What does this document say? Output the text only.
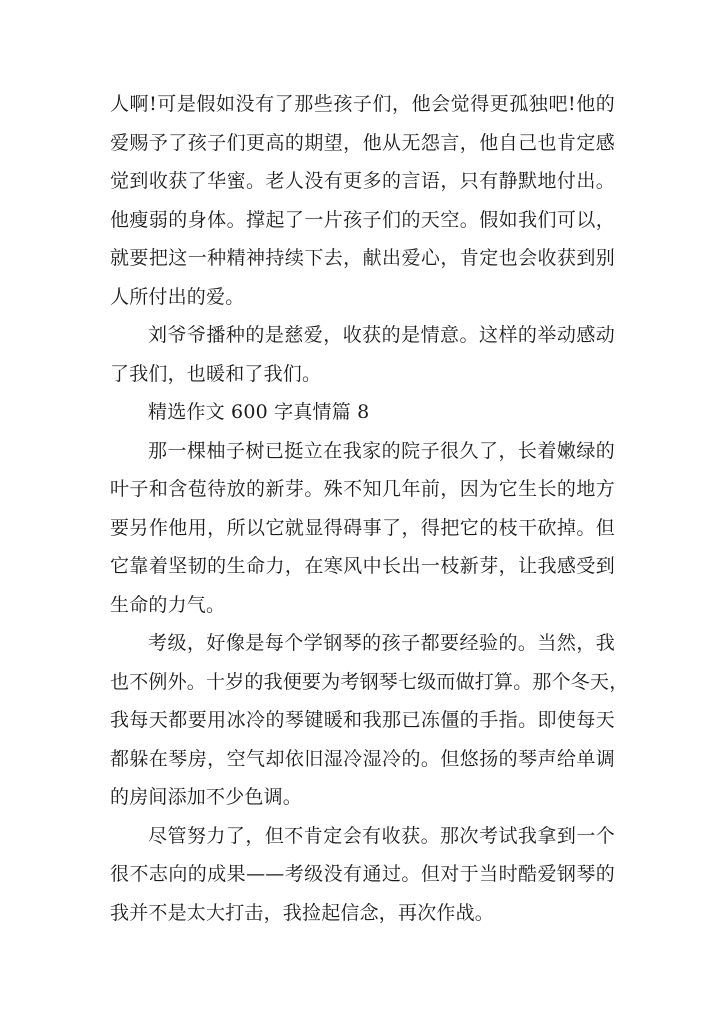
人啊!可是假如没有了那些孩子们，他会觉得更孤独吧!他的
爱赐予了孩子们更高的期望，他从无怨言，他自己也肯定感
觉到收获了华蜜。老人没有更多的言语，只有静默地付出。
他瘦弱的身体。撑起了一片孩子们的天空。假如我们可以，
就要把这一种精神持续下去，献出爱心，肯定也会收获到别
人所付出的爱。
刘爷爷播种的是慈爱，收获的是情意。这样的举动感动
了我们，也暖和了我们。
精选作文 600 字真情篇 8
那一棵柚子树已挺立在我家的院子很久了，长着嫩绿的
叶子和含苞待放的新芽。殊不知几年前，因为它生长的地方
要另作他用，所以它就显得碍事了，得把它的枝干砍掉。但
它靠着坚韧的生命力，在寒风中长出一枝新芽，让我感受到
生命的力气。
考级，好像是每个学钢琴的孩子都要经验的。当然，我
也不例外。十岁的我便要为考钢琴七级而做打算。那个冬天，
我每天都要用冰冷的琴键暖和我那已冻僵的手指。即使每天
都躲在琴房，空气却依旧湿冷湿冷的。但悠扬的琴声给单调
的房间添加不少色调。
尽管努力了，但不肯定会有收获。那次考试我拿到一个
很不志向的成果——考级没有通过。但对于当时酷爱钢琴的
我并不是太大打击，我捡起信念，再次作战。
